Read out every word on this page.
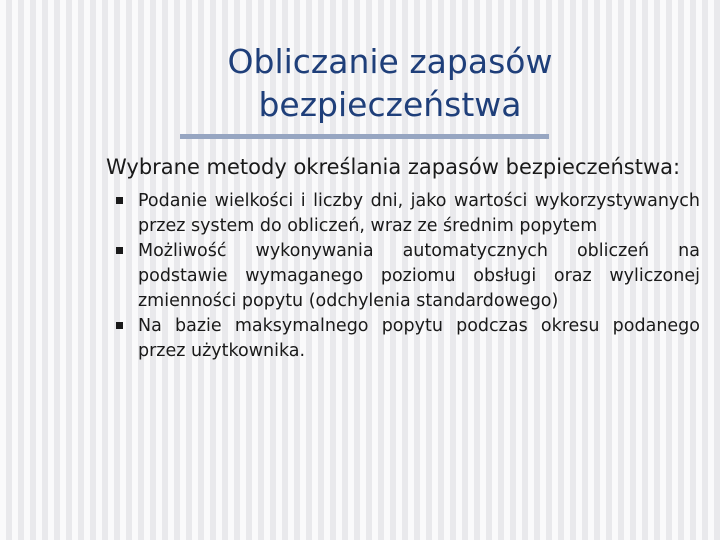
Obliczanie zapasów bezpieczeństwa

Wybrane metody określania zapasów bezpieczeństwa:

Podanie wielkości i liczby dni, jako wartości wykorzystywanych przez system do obliczeń, wraz ze średnim popytem
Możliwość wykonywania automatycznych obliczeń na podstawie wymaganego poziomu obsługi oraz wyliczonej zmienności popytu (odchylenia standardowego)
Na bazie maksymalnego popytu podczas okresu podanego przez użytkownika.
